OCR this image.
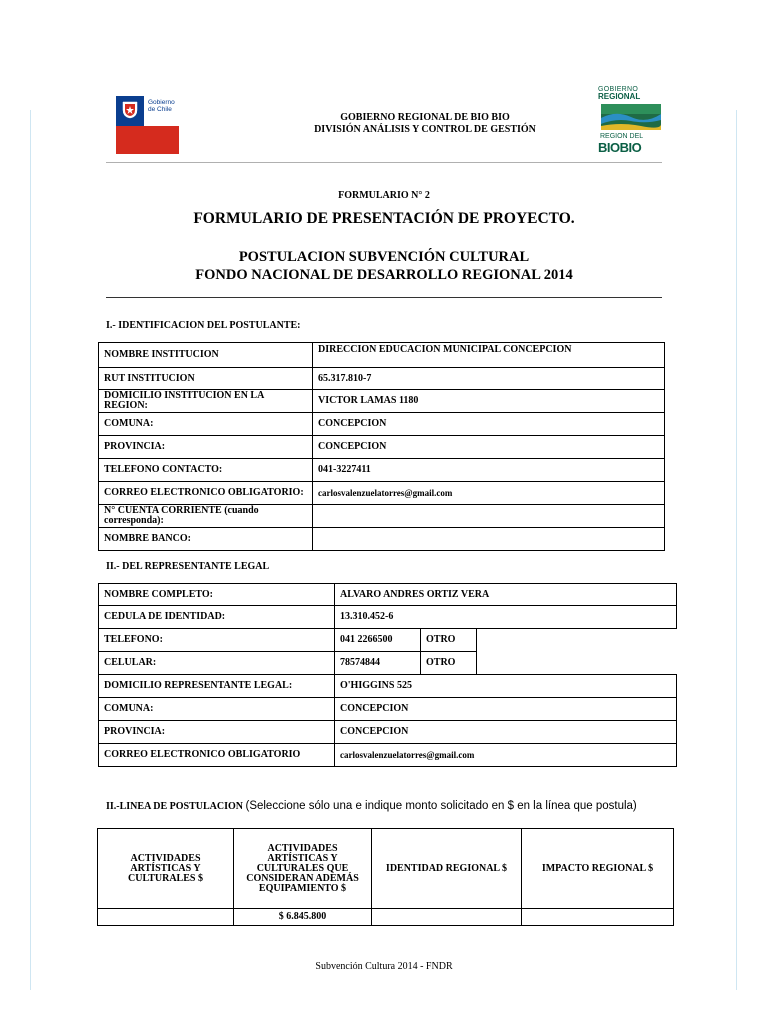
Gobierno
de Chile
GOBIERNO REGIONAL DE BIO BIO
DIVISIÓN ANÁLISIS Y CONTROL DE GESTIÓN
GOBIERNO
REGIONAL
REGION DEL
BIOBIO
FORMULARIO N° 2
FORMULARIO DE PRESENTACIÓN DE PROYECTO.
POSTULACION SUBVENCIÓN CULTURAL
FONDO NACIONAL DE DESARROLLO REGIONAL 2014
I.- IDENTIFICACION DEL POSTULANTE:
NOMBRE INSTITUCION	DIRECCION EDUCACION MUNICIPAL CONCEPCION
RUT INSTITUCION	65.317.810-7
DOMICILIO INSTITUCION EN LA REGION:	VICTOR LAMAS 1180
COMUNA:	CONCEPCION
PROVINCIA:	CONCEPCION
TELEFONO CONTACTO:	041-3227411
CORREO ELECTRONICO OBLIGATORIO:	carlosvalenzuelatorres@gmail.com
N° CUENTA CORRIENTE (cuando corresponda):	
NOMBRE BANCO:	
II.- DEL REPRESENTANTE LEGAL
NOMBRE COMPLETO:	ALVARO ANDRES ORTIZ VERA		
CEDULA DE IDENTIDAD:	13.310.452-6		
TELEFONO:	041 2266500	OTRO	
CELULAR:	78574844	OTRO	
DOMICILIO REPRESENTANTE LEGAL:	O'HIGGINS 525		
COMUNA:	CONCEPCION		
PROVINCIA:	CONCEPCION		
CORREO ELECTRONICO OBLIGATORIO	carlosvalenzuelatorres@gmail.com		
II.-LINEA DE POSTULACION (Seleccione sólo una e indique monto solicitado en $ en la línea que postula)
ACTIVIDADES ARTÍSTICAS Y CULTURALES $	ACTIVIDADES ARTÍSTICAS Y CULTURALES QUE CONSIDERAN ADEMÁS EQUIPAMIENTO $	IDENTIDAD REGIONAL $	IMPACTO REGIONAL $
	$ 6.845.800		
Subvención Cultura 2014 - FNDR
